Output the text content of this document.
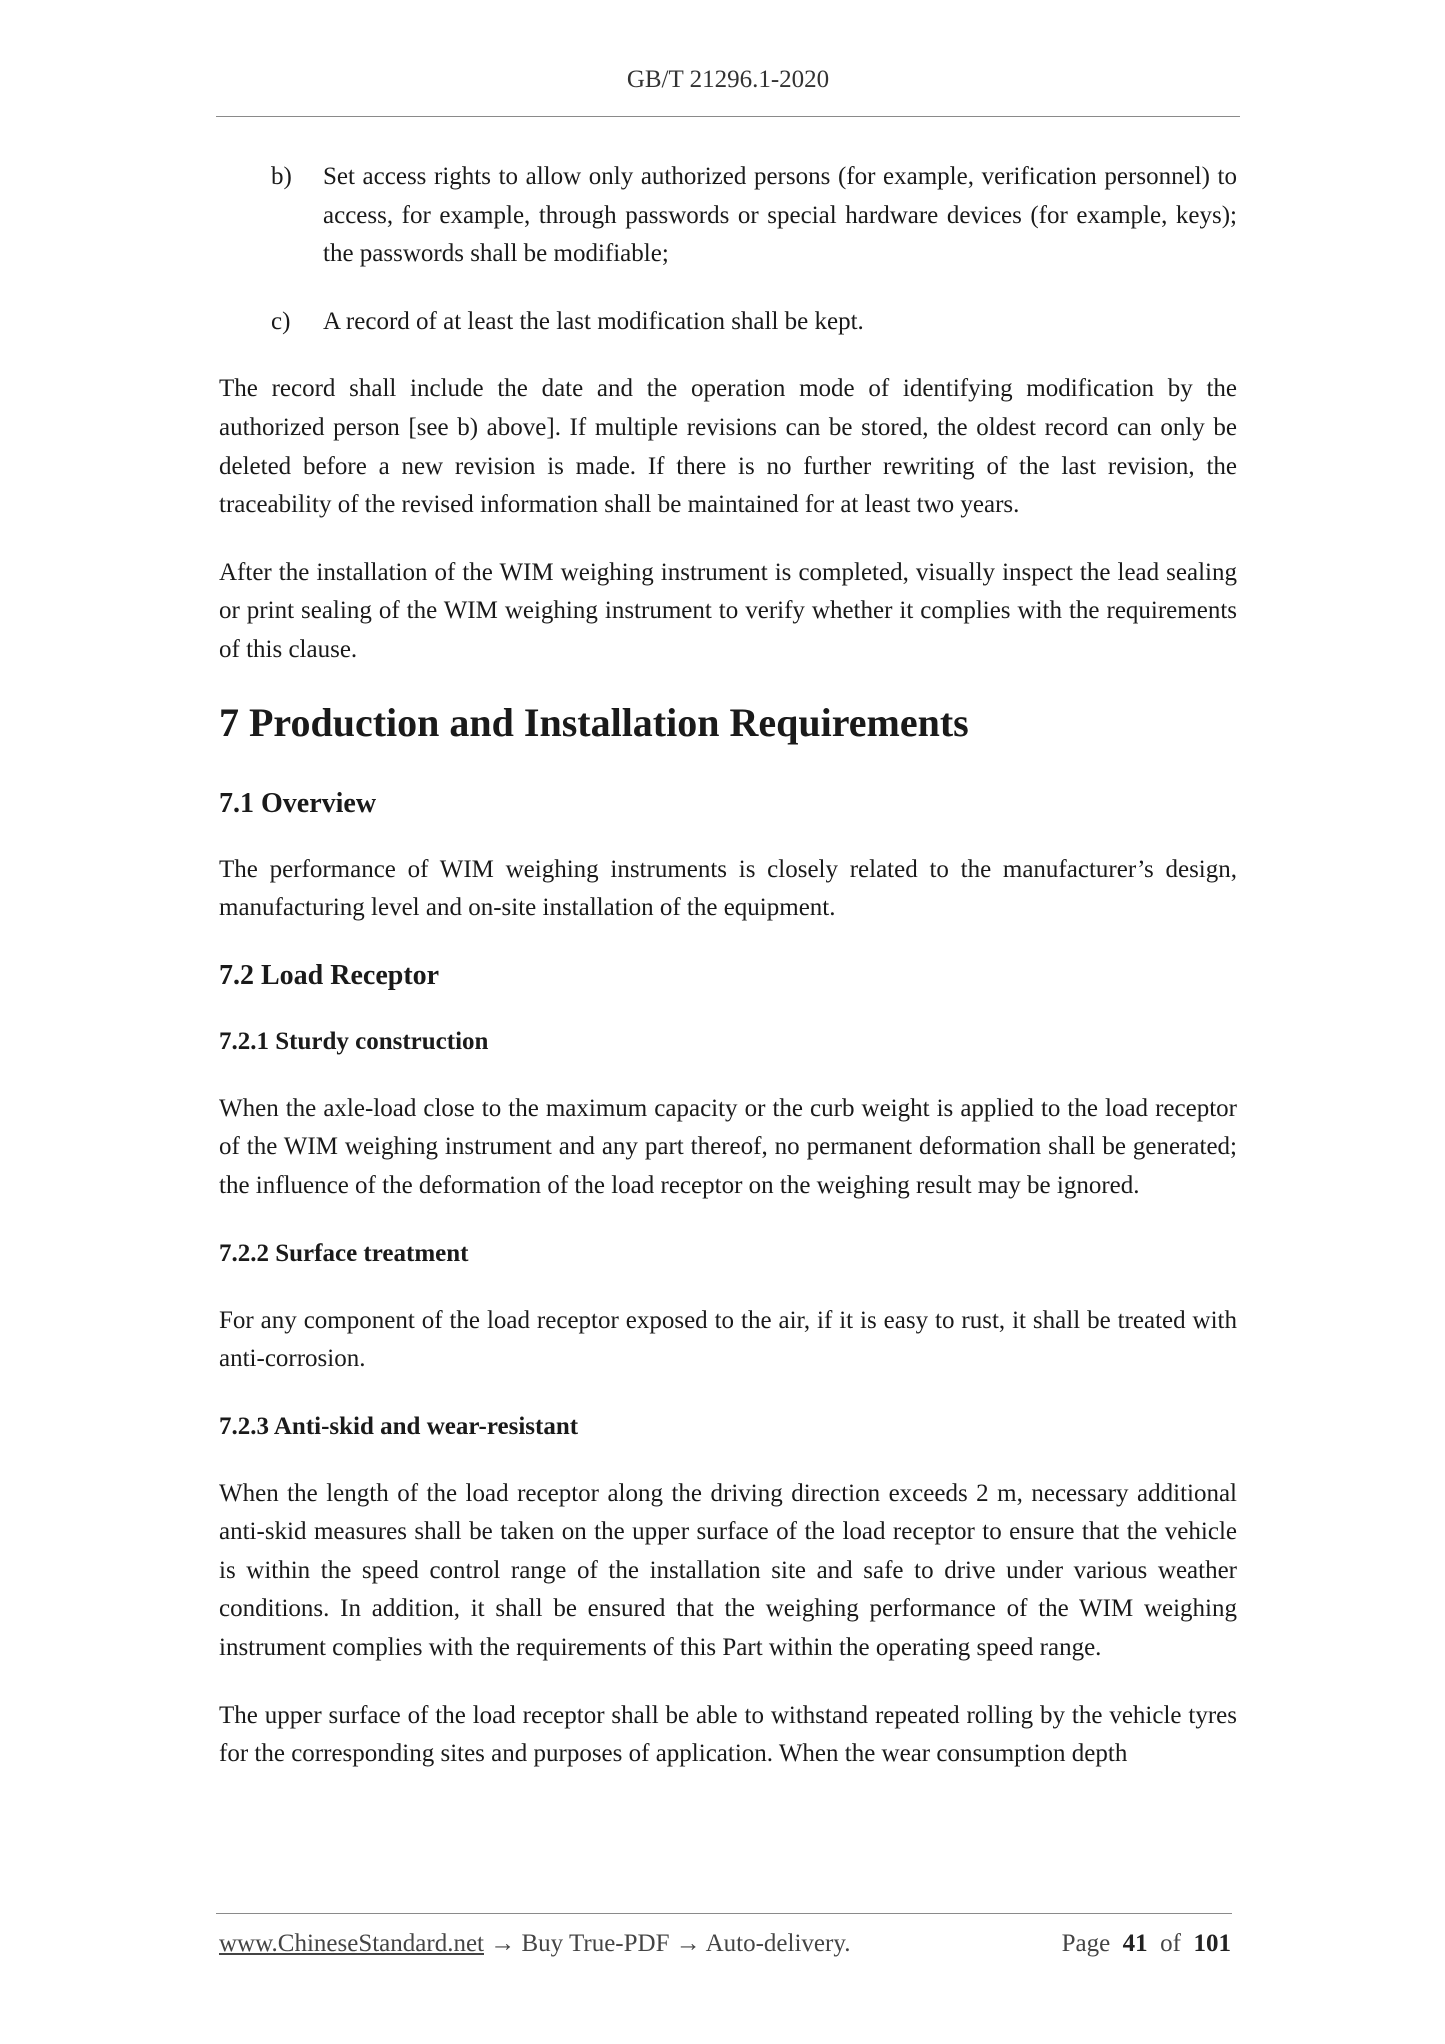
GB/T 21296.1-2020
b)	Set access rights to allow only authorized persons (for example, verification personnel) to access, for example, through passwords or special hardware devices (for example, keys); the passwords shall be modifiable;
c)	A record of at least the last modification shall be kept.

The record shall include the date and the operation mode of identifying modification by the authorized person [see b) above]. If multiple revisions can be stored, the oldest record can only be deleted before a new revision is made. If there is no further rewriting of the last revision, the traceability of the revised information shall be maintained for at least two years.

After the installation of the WIM weighing instrument is completed, visually inspect the lead sealing or print sealing of the WIM weighing instrument to verify whether it complies with the requirements of this clause.

7 Production and Installation Requirements
7.1 Overview

The performance of WIM weighing instruments is closely related to the manufacturer’s design, manufacturing level and on-site installation of the equipment.

7.2 Load Receptor
7.2.1 Sturdy construction

When the axle-load close to the maximum capacity or the curb weight is applied to the load receptor of the WIM weighing instrument and any part thereof, no permanent deformation shall be generated; the influence of the deformation of the load receptor on the weighing result may be ignored.

7.2.2 Surface treatment

For any component of the load receptor exposed to the air, if it is easy to rust, it shall be treated with anti-corrosion.

7.2.3 Anti-skid and wear-resistant

When the length of the load receptor along the driving direction exceeds 2 m, necessary additional anti-skid measures shall be taken on the upper surface of the load receptor to ensure that the vehicle is within the speed control range of the installation site and safe to drive under various weather conditions. In addition, it shall be ensured that the weighing performance of the WIM weighing instrument complies with the requirements of this Part within the operating speed range.

The upper surface of the load receptor shall be able to withstand repeated rolling by the vehicle tyres for the corresponding sites and purposes of application. When the wear consumption depth

www.ChineseStandard.net → Buy True-PDF → Auto-delivery.	Page 41 of 101
